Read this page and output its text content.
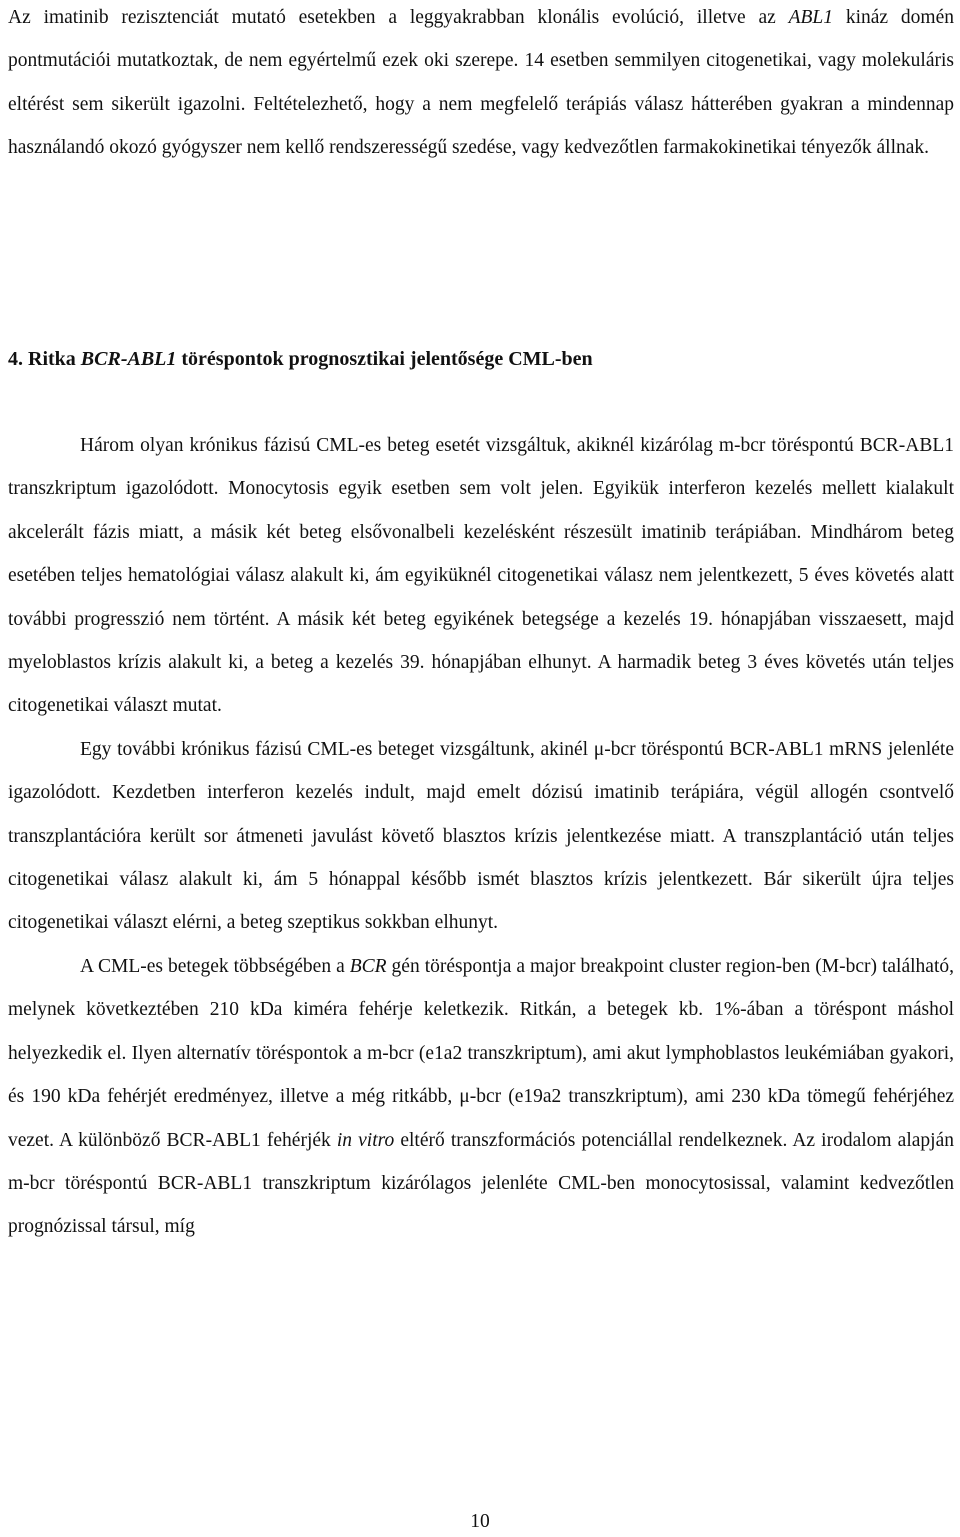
Az imatinib rezisztenciát mutató esetekben a leggyakrabban klonális evolúció, illetve az ABL1 kináz domén pontmutációi mutatkoztak, de nem egyértelmű ezek oki szerepe. 14 esetben semmilyen citogenetikai, vagy molekuláris eltérést sem sikerült igazolni. Feltételezhető, hogy a nem megfelelő terápiás válasz hátterében gyakran a mindennap használandó okozó gyógyszer nem kellő rendszerességű szedése, vagy kedvezőtlen farmakokinetikai tényezők állnak.

4. Ritka BCR-ABL1 töréspontok prognosztikai jelentősége CML-ben

Három olyan krónikus fázisú CML-es beteg esetét vizsgáltuk, akiknél kizárólag m-bcr töréspontú BCR-ABL1 transzkriptum igazolódott. Monocytosis egyik esetben sem volt jelen. Egyikük interferon kezelés mellett kialakult akcelerált fázis miatt, a másik két beteg elsővonalbeli kezelésként részesült imatinib terápiában. Mindhárom beteg esetében teljes hematológiai válasz alakult ki, ám egyiküknél citogenetikai válasz nem jelentkezett, 5 éves követés alatt további progresszió nem történt. A másik két beteg egyikének betegsége a kezelés 19. hónapjában visszaesett, majd myeloblastos krízis alakult ki, a beteg a kezelés 39. hónapjában elhunyt. A harmadik beteg 3 éves követés után teljes citogenetikai választ mutat.

Egy további krónikus fázisú CML-es beteget vizsgáltunk, akinél μ-bcr töréspontú BCR-ABL1 mRNS jelenléte igazolódott. Kezdetben interferon kezelés indult, majd emelt dózisú imatinib terápiára, végül allogén csontvelő transzplantációra került sor átmeneti javulást követő blasztos krízis jelentkezése miatt. A transzplantáció után teljes citogenetikai válasz alakult ki, ám 5 hónappal később ismét blasztos krízis jelentkezett. Bár sikerült újra teljes citogenetikai választ elérni, a beteg szeptikus sokkban elhunyt.

A CML-es betegek többségében a BCR gén töréspontja a major breakpoint cluster region-ben (M-bcr) található, melynek következtében 210 kDa kiméra fehérje keletkezik. Ritkán, a betegek kb. 1%-ában a töréspont máshol helyezkedik el. Ilyen alternatív töréspontok a m-bcr (e1a2 transzkriptum), ami akut lymphoblastos leukémiában gyakori, és 190 kDa fehérjét eredményez, illetve a még ritkább, μ-bcr (e19a2 transzkriptum), ami 230 kDa tömegű fehérjéhez vezet. A különböző BCR-ABL1 fehérjék in vitro eltérő transzformációs potenciállal rendelkeznek. Az irodalom alapján m-bcr töréspontú BCR-ABL1 transzkriptum kizárólagos jelenléte CML-ben monocytosissal, valamint kedvezőtlen prognózissal társul, míg

10
